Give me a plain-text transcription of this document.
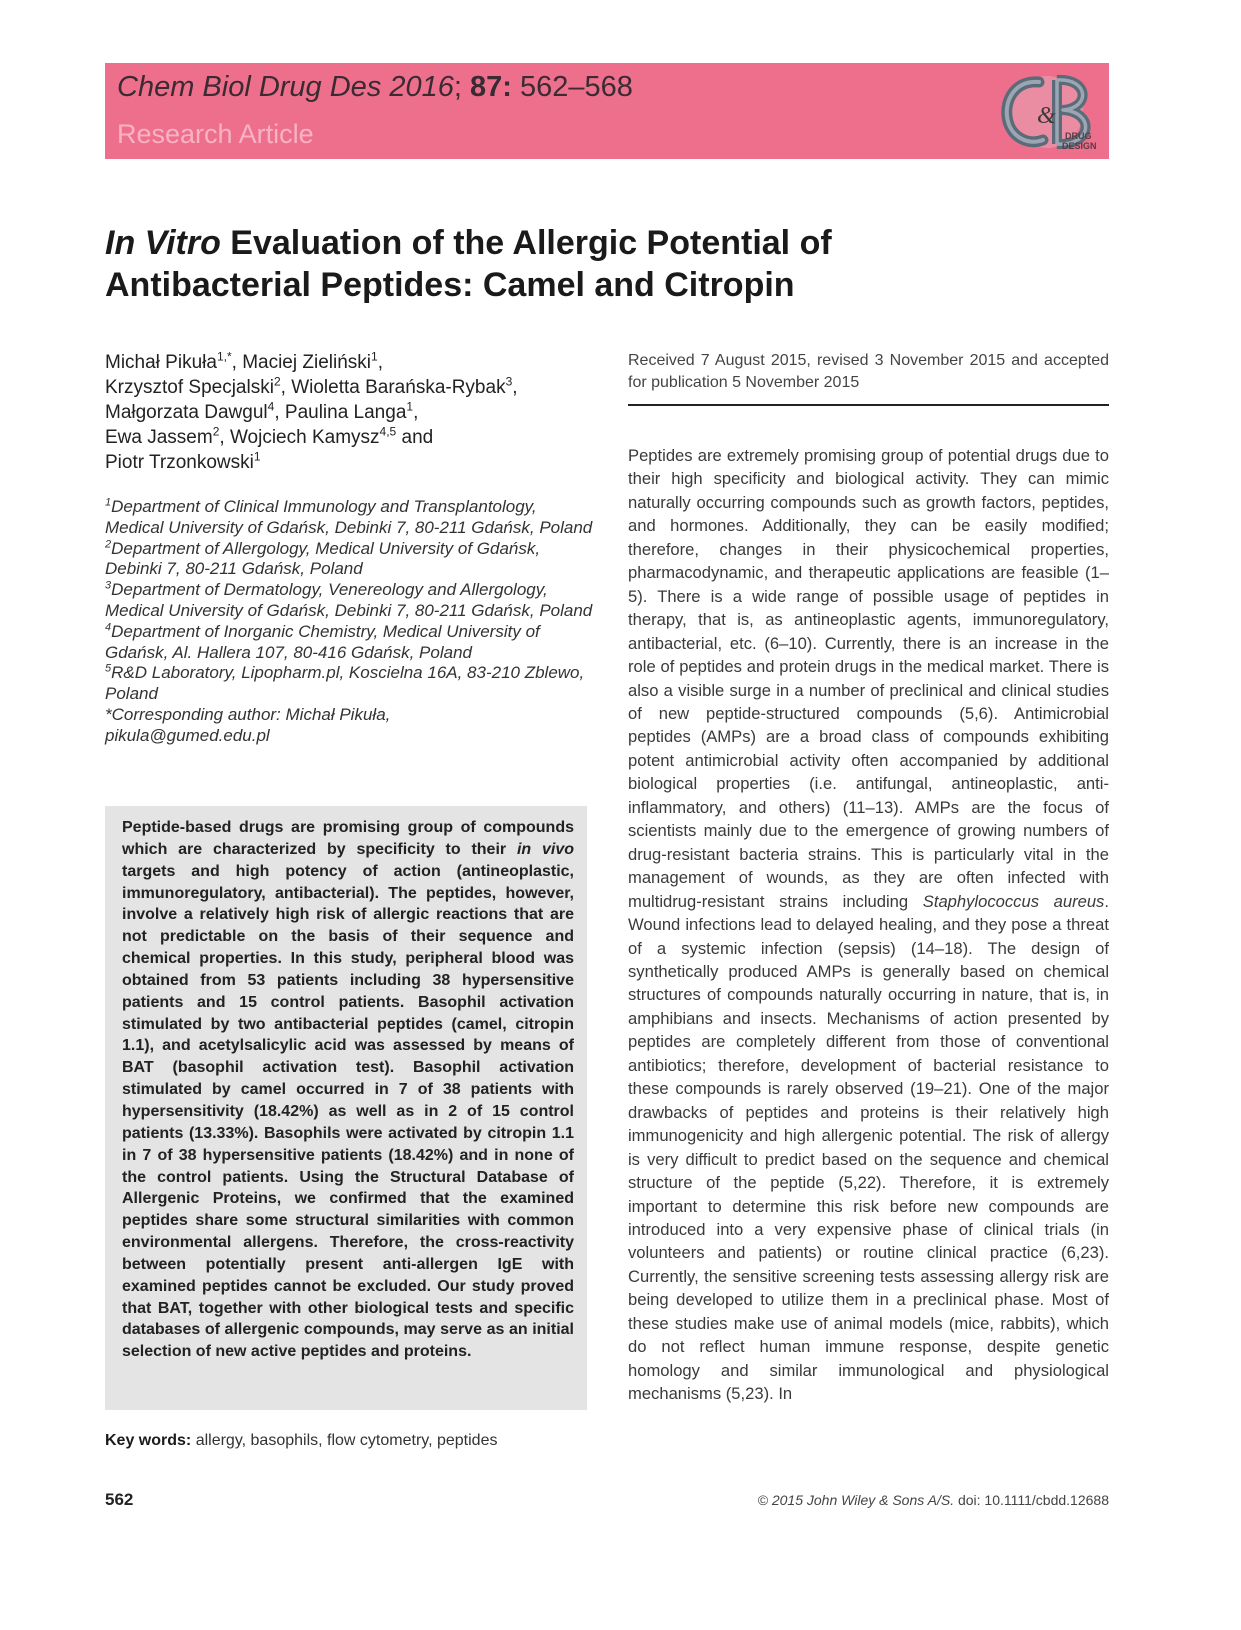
Chem Biol Drug Des 2016; 87: 562–568
Research Article
&
DRUG
DESIGN
In Vitro Evaluation of the Allergic Potential of
Antibacterial Peptides: Camel and Citropin
Michał Pikuła$^{1,*}$, Maciej Zieliński$^1$,
Krzysztof Specjalski$^2$, Wioletta Barańska-Rybak$^3$,
Małgorzata Dawgul$^4$, Paulina Langa$^1$,
Ewa Jassem$^2$, Wojciech Kamysz$^{4,5}$ and
Piotr Trzonkowski$^1$
$^1$Department of Clinical Immunology and Transplantology, Medical University of Gdańsk, Debinki 7, 80-211 Gdańsk, Poland
$^2$Department of Allergology, Medical University of Gdańsk, Debinki 7, 80-211 Gdańsk, Poland
$^3$Department of Dermatology, Venereology and Allergology, Medical University of Gdańsk, Debinki 7, 80-211 Gdańsk, Poland
$^4$Department of Inorganic Chemistry, Medical University of Gdańsk, Al. Hallera 107, 80-416 Gdańsk, Poland
$^5$R&D Laboratory, Lipopharm.pl, Koscielna 16A, 83-210 Zblewo, Poland
*Corresponding author: Michał Pikuła,
pikula@gumed.edu.pl
Peptide-based drugs are promising group of compounds which are characterized by specificity to their in vivo targets and high potency of action (antineoplastic, immunoregulatory, antibacterial). The peptides, however, involve a relatively high risk of allergic reactions that are not predictable on the basis of their sequence and chemical properties. In this study, peripheral blood was obtained from 53 patients including 38 hypersensitive patients and 15 control patients. Basophil activation stimulated by two antibacterial peptides (camel, citropin 1.1), and acetylsalicylic acid was assessed by means of BAT (basophil activation test). Basophil activation stimulated by camel occurred in 7 of 38 patients with hypersensitivity (18.42%) as well as in 2 of 15 control patients (13.33%). Basophils were activated by citropin 1.1 in 7 of 38 hypersensitive patients (18.42%) and in none of the control patients. Using the Structural Database of Allergenic Proteins, we confirmed that the examined peptides share some structural similarities with common environmental allergens. Therefore, the cross-reactivity between potentially present anti-allergen IgE with examined peptides cannot be excluded. Our study proved that BAT, together with other biological tests and specific databases of allergenic compounds, may serve as an initial selection of new active peptides and proteins.
Key words: allergy, basophils, flow cytometry, peptides
Received 7 August 2015, revised 3 November 2015 and accepted for publication 5 November 2015
Peptides are extremely promising group of potential drugs due to their high specificity and biological activity. They can mimic naturally occurring compounds such as growth factors, peptides, and hormones. Additionally, they can be easily modified; therefore, changes in their physicochemical properties, pharmacodynamic, and therapeutic applications are feasible (1–5). There is a wide range of possible usage of peptides in therapy, that is, as antineoplastic agents, immunoregulatory, antibacterial, etc. (6–10). Currently, there is an increase in the role of peptides and protein drugs in the medical market. There is also a visible surge in a number of preclinical and clinical studies of new peptide-structured compounds (5,6). Antimicrobial peptides (AMPs) are a broad class of compounds exhibiting potent antimicrobial activity often accompanied by additional biological properties (i.e. antifungal, antineoplastic, anti-inflammatory, and others) (11–13). AMPs are the focus of scientists mainly due to the emergence of growing numbers of drug-resistant bacteria strains. This is particularly vital in the management of wounds, as they are often infected with multidrug-resistant strains including Staphylococcus aureus. Wound infections lead to delayed healing, and they pose a threat of a systemic infection (sepsis) (14–18). The design of synthetically produced AMPs is generally based on chemical structures of compounds naturally occurring in nature, that is, in amphibians and insects. Mechanisms of action presented by peptides are completely different from those of conventional antibiotics; therefore, development of bacterial resistance to these compounds is rarely observed (19–21). One of the major drawbacks of peptides and proteins is their relatively high immunogenicity and high allergenic potential. The risk of allergy is very difficult to predict based on the sequence and chemical structure of the peptide (5,22). Therefore, it is extremely important to determine this risk before new compounds are introduced into a very expensive phase of clinical trials (in volunteers and patients) or routine clinical practice (6,23). Currently, the sensitive screening tests assessing allergy risk are being developed to utilize them in a preclinical phase. Most of these studies make use of animal models (mice, rabbits), which do not reflect human immune response, despite genetic homology and similar immunological and physiological mechanisms (5,23). In
562	© 2015 John Wiley & Sons A/S. doi: 10.1111/cbdd.12688
